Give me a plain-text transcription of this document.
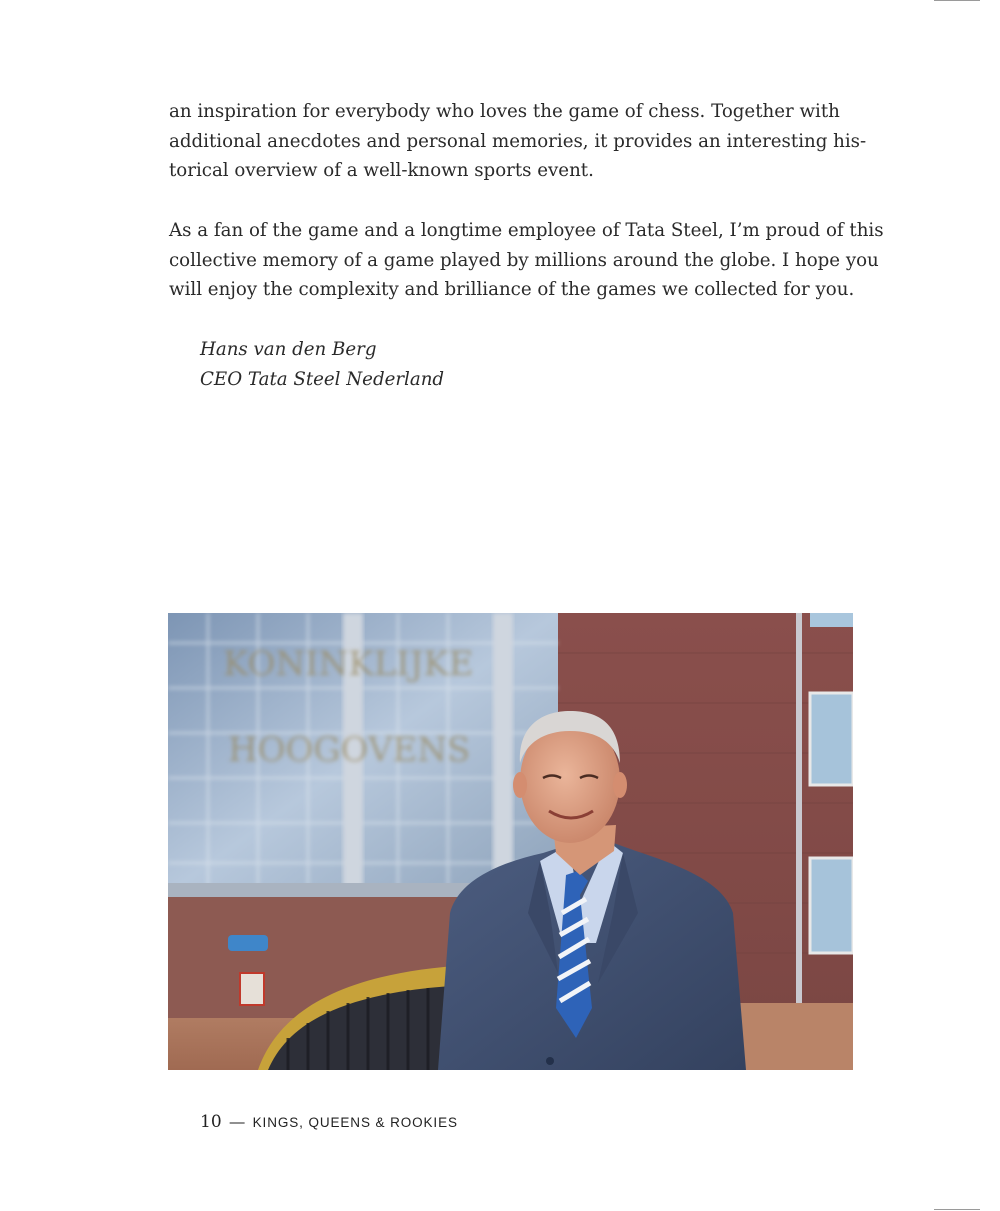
an inspiration for everybody who loves the game of chess. Together with
additional anecdotes and personal memories, it provides an interesting his-
torical overview of a well-known sports event.

As a fan of the game and a longtime employee of Tata Steel, I’m proud of this
collective memory of a game played by millions around the globe. I hope you
will enjoy the complexity and brilliance of the games we collected for you.

Hans van den Berg
CEO Tata Steel Nederland
KONINKLIJKE
HOOGOVENS
10 — KINGS, QUEENS & ROOKIES
